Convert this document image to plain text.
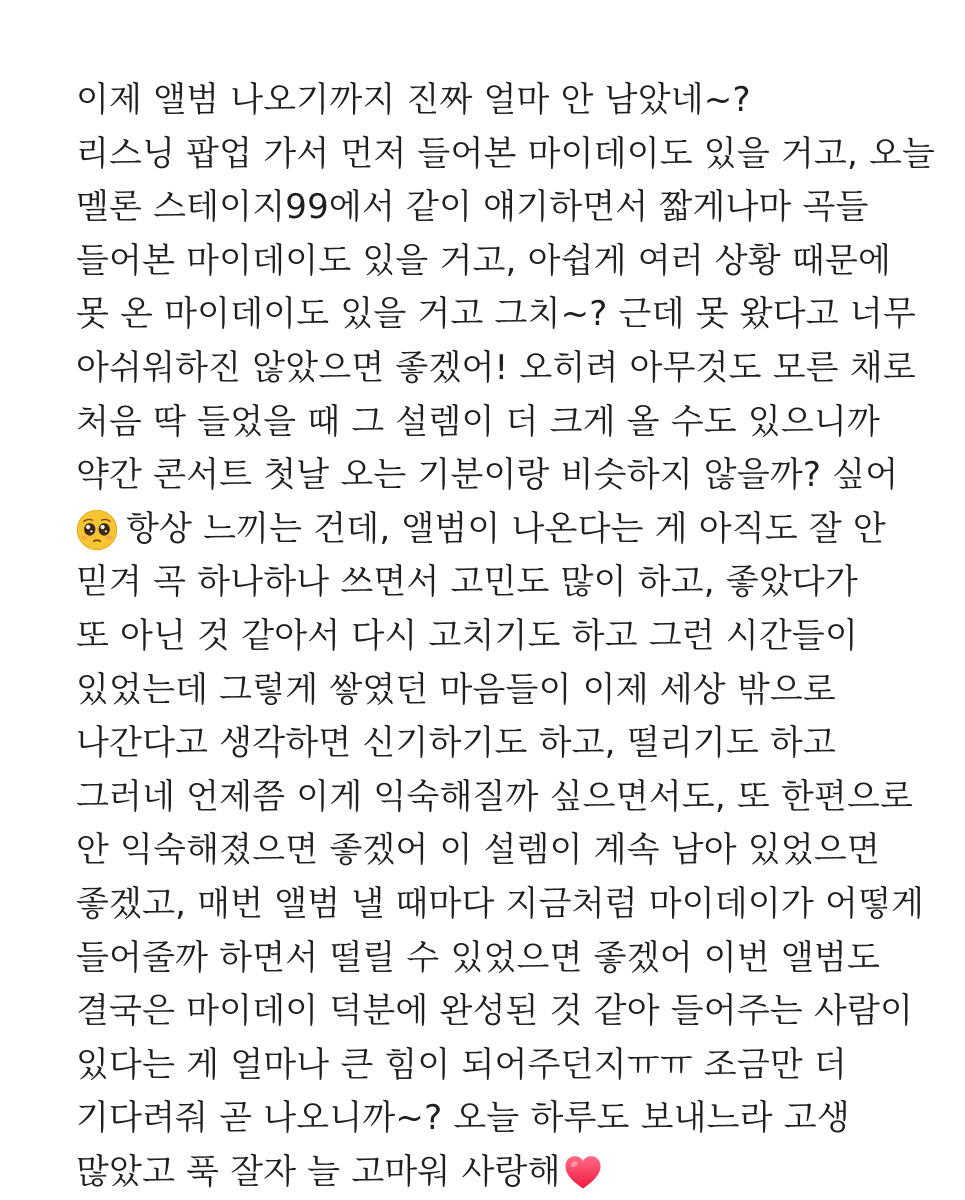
이제 앨범 나오기까지 진짜 얼마 안 남았네~?
리스닝 팝업 가서 먼저 들어본 마이데이도 있을 거고, 오늘
멜론 스테이지99에서 같이 얘기하면서 짧게나마 곡들
들어본 마이데이도 있을 거고, 아쉽게 여러 상황 때문에
못 온 마이데이도 있을 거고 그치~? 근데 못 왔다고 너무
아쉬워하진 않았으면 좋겠어! 오히려 아무것도 모른 채로
처음 딱 들었을 때 그 설렘이 더 크게 올 수도 있으니까
약간 콘서트 첫날 오는 기분이랑 비슷하지 않을까? 싶어
항상 느끼는 건데, 앨범이 나온다는 게 아직도 잘 안
믿겨 곡 하나하나 쓰면서 고민도 많이 하고, 좋았다가
또 아닌 것 같아서 다시 고치기도 하고 그런 시간들이
있었는데 그렇게 쌓였던 마음들이 이제 세상 밖으로
나간다고 생각하면 신기하기도 하고, 떨리기도 하고
그러네 언제쯤 이게 익숙해질까 싶으면서도, 또 한편으로
안 익숙해졌으면 좋겠어 이 설렘이 계속 남아 있었으면
좋겠고, 매번 앨범 낼 때마다 지금처럼 마이데이가 어떻게
들어줄까 하면서 떨릴 수 있었으면 좋겠어 이번 앨범도
결국은 마이데이 덕분에 완성된 것 같아 들어주는 사람이
있다는 게 얼마나 큰 힘이 되어주던지ㅠㅠ 조금만 더
기다려줘 곧 나오니까~? 오늘 하루도 보내느라 고생
많았고 푹 잘자 늘 고마워 사랑해
